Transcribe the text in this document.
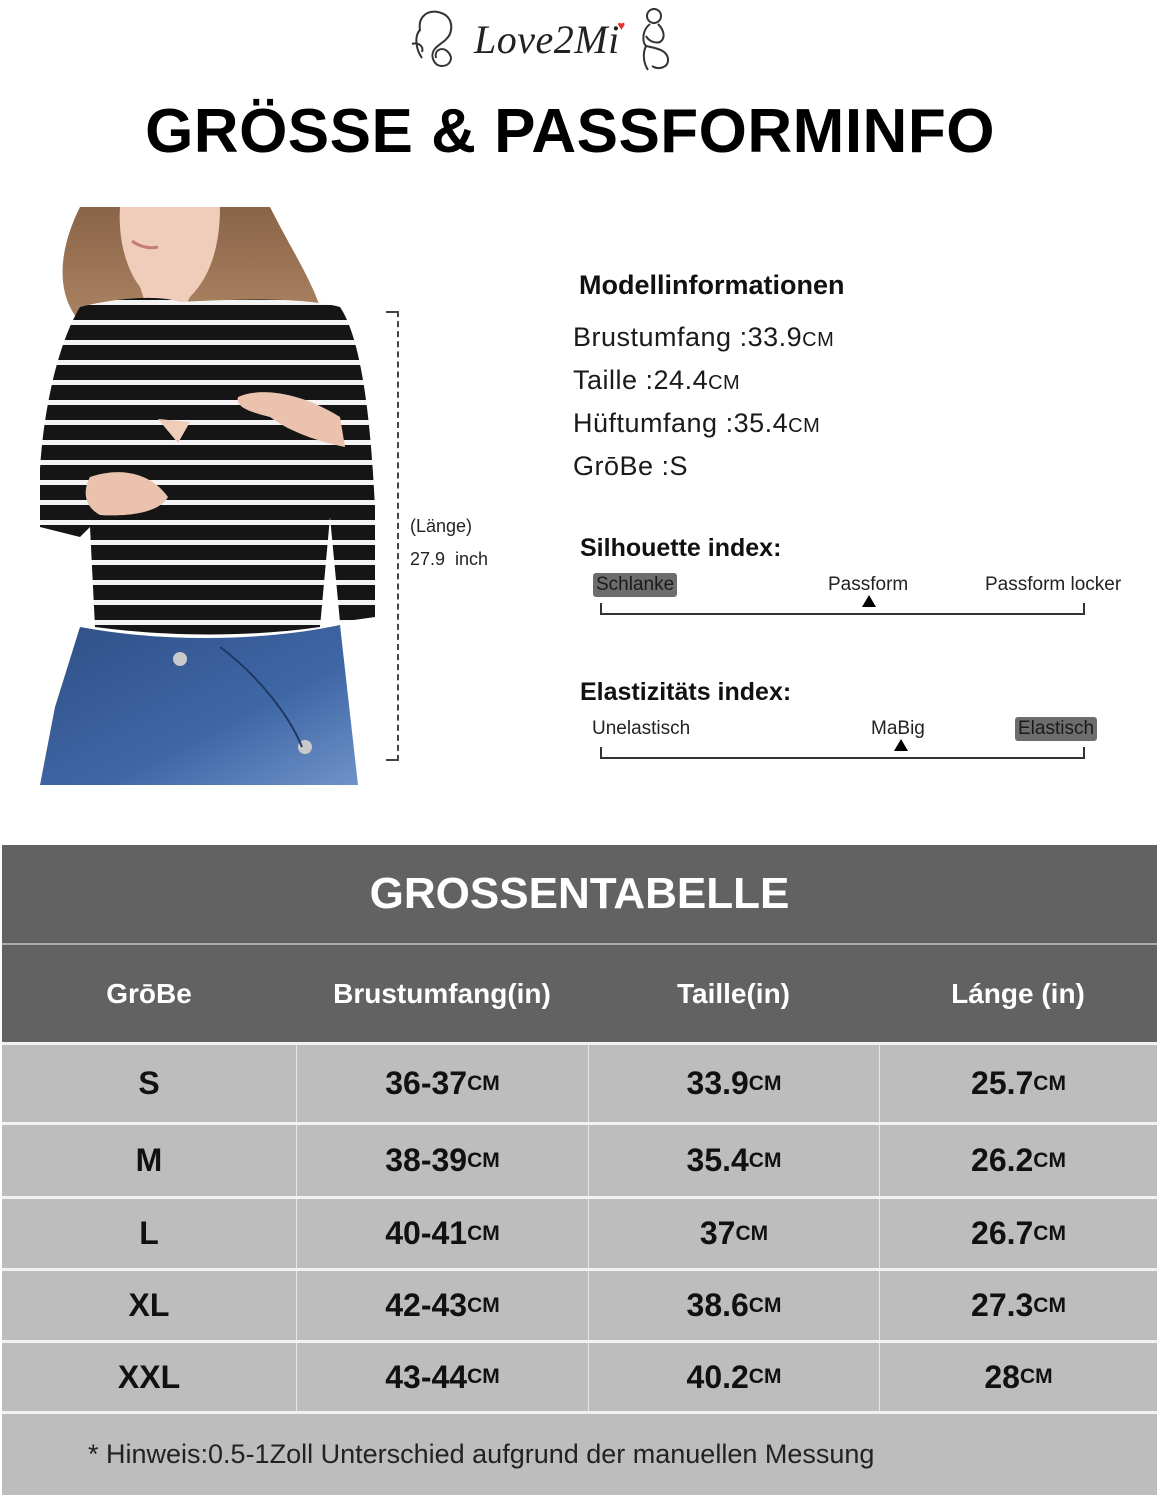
Love2Mi
♥
GRÖSSE & PASSFORMINFO
(Länge)
27.9  inch
Modellinformationen
Brustumfang :33.9CM
Taille :24.4CM
Hüftumfang :35.4CM
GrōBe :S
Silhouette index:
Schlanke	Passform	Passform locker
Elastizitäts index:
Unelastisch	MaBig	Elastisch
GROSSENTABELLE
GrōBe	Brustumfang(in)	Taille(in)	Lánge (in)
S	36-37 CM	33.9 CM	25.7 CM
M	38-39 CM	35.4 CM	26.2 CM
L	40-41 CM	37 CM	26.7 CM
XL	42-43 CM	38.6 CM	27.3 CM
XXL	43-44 CM	40.2 CM	28 CM
* Hinweis:0.5-1Zoll Unterschied aufgrund der manuellen Messung
